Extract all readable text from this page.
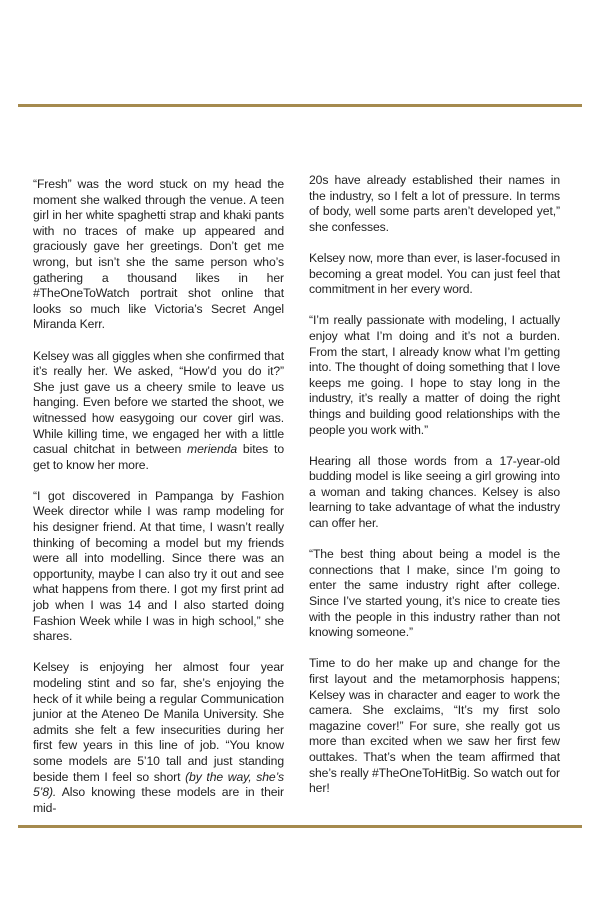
“Fresh” was the word stuck on my head the moment she walked through the venue. A teen girl in her white spaghetti strap and khaki pants with no traces of make up appeared and graciously gave her greetings. Don’t get me wrong, but isn’t she the same person who’s gathering a thousand likes in her #TheOneToWatch portrait shot online that looks so much like Victoria’s Secret Angel Miranda Kerr.

Kelsey was all giggles when she confirmed that it’s really her. We asked, “How’d you do it?” She just gave us a cheery smile to leave us hanging. Even before we started the shoot, we witnessed how easygoing our cover girl was. While killing time, we engaged her with a little casual chitchat in between merienda bites to get to know her more.

“I got discovered in Pampanga by Fashion Week director while I was ramp modeling for his designer friend. At that time, I wasn’t really thinking of becoming a model but my friends were all into modelling. Since there was an opportunity, maybe I can also try it out and see what happens from there. I got my first print ad job when I was 14 and I also started doing Fashion Week while I was in high school,” she shares.

Kelsey is enjoying her almost four year modeling stint and so far, she’s enjoying the heck of it while being a regular Communication junior at the Ateneo De Manila University. She admits she felt a few insecurities during her first few years in this line of job. “You know some models are 5’10 tall and just standing beside them I feel so short (by the way, she’s 5’8). Also knowing these models are in their mid-

20s have already established their names in the industry, so I felt a lot of pressure. In terms of body, well some parts aren’t developed yet,” she confesses.

Kelsey now, more than ever, is laser-focused in becoming a great model. You can just feel that commitment in her every word.

“I’m really passionate with modeling, I actually enjoy what I’m doing and it’s not a burden. From the start, I already know what I’m getting into. The thought of doing something that I love keeps me going. I hope to stay long in the industry, it’s really a matter of doing the right things and building good relationships with the people you work with.”

Hearing all those words from a 17-year-old budding model is like seeing a girl growing into a woman and taking chances. Kelsey is also learning to take advantage of what the industry can offer her.

“The best thing about being a model is the connections that I make, since I’m going to enter the same industry right after college. Since I’ve started young, it’s nice to create ties with the people in this industry rather than not knowing someone.”

Time to do her make up and change for the first layout and the metamorphosis happens; Kelsey was in character and eager to work the camera. She exclaims, “It’s my first solo magazine cover!” For sure, she really got us more than excited when we saw her first few outtakes. That’s when the team affirmed that she’s really #TheOneToHitBig. So watch out for her!
